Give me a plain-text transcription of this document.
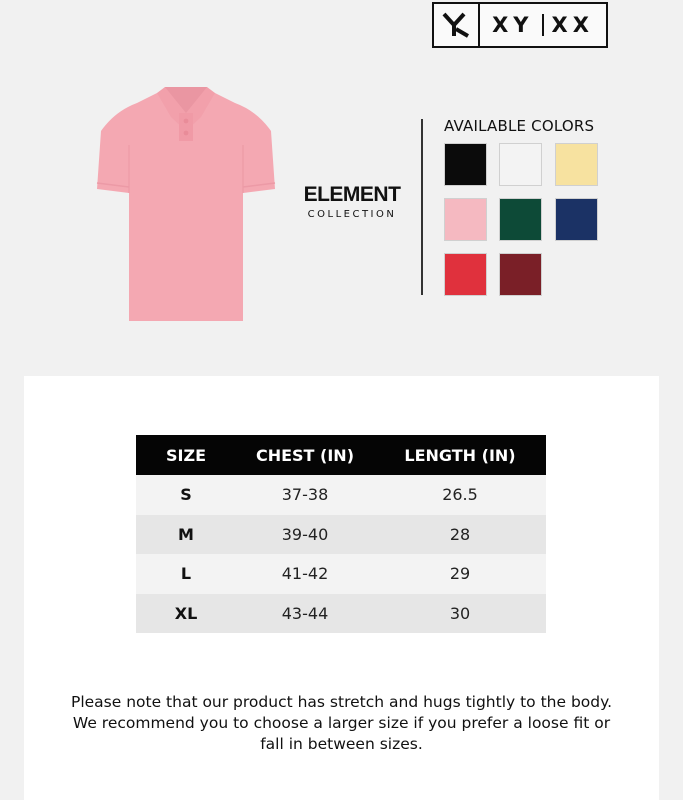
XY XX
ELEMENT
COLLECTION
AVAILABLE COLORS
SIZE	CHEST (IN)	LENGTH (IN)
S	37-38	26.5
M	39-40	28
L	41-42	29
XL	43-44	30
Please note that our product has stretch and hugs tightly to the body.
We recommend you to choose a larger size if you prefer a loose fit or
fall in between sizes.
